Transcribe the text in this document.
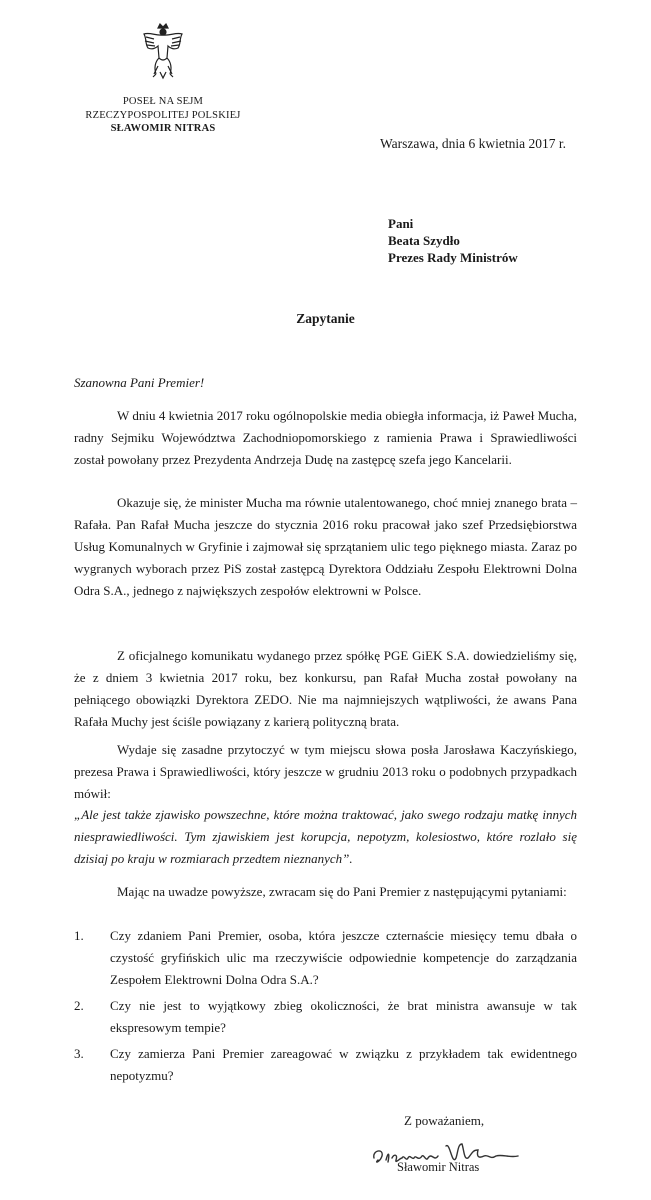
POSEŁ NA SEJM
RZECZYPOSPOLITEJ POLSKIEJ
SŁAWOMIR NITRAS
Warszawa, dnia 6 kwietnia 2017 r.
Pani
Beata Szydło
Prezes Rady Ministrów
Zapytanie
Szanowna Pani Premier!

W dniu 4 kwietnia 2017 roku ogólnopolskie media obiegła informacja, iż Paweł Mucha, radny Sejmiku Województwa Zachodniopomorskiego z ramienia Prawa i Sprawiedliwości został powołany przez Prezydenta Andrzeja Dudę na zastępcę szefa jego Kancelarii.

Okazuje się, że minister Mucha ma równie utalentowanego, choć mniej znanego brata – Rafała. Pan Rafał Mucha jeszcze do stycznia 2016 roku pracował jako szef Przedsiębiorstwa Usług Komunalnych w Gryfinie i zajmował się sprzątaniem ulic tego pięknego miasta. Zaraz po wygranych wyborach przez PiS został zastępcą Dyrektora Oddziału Zespołu Elektrowni Dolna Odra S.A., jednego z największych zespołów elektrowni w Polsce.

Z oficjalnego komunikatu wydanego przez spółkę PGE GiEK S.A. dowiedzieliśmy się, że z dniem 3 kwietnia 2017 roku, bez konkursu, pan Rafał Mucha został powołany na pełniącego obowiązki Dyrektora ZEDO. Nie ma najmniejszych wątpliwości, że awans Pana Rafała Muchy jest ściśle powiązany z karierą polityczną brata.

Wydaje się zasadne przytoczyć w tym miejscu słowa posła Jarosława Kaczyńskiego, prezesa Prawa i Sprawiedliwości, który jeszcze w grudniu 2013 roku o podobnych przypadkach mówił:

„Ale jest także zjawisko powszechne, które można traktować, jako swego rodzaju matkę innych niesprawiedliwości. Tym zjawiskiem jest korupcja, nepotyzm, kolesiostwo, które rozlało się dzisiaj po kraju w rozmiarach przedtem nieznanych”.

Mając na uwadze powyższe, zwracam się do Pani Premier z następującymi pytaniami:

1. Czy zdaniem Pani Premier, osoba, która jeszcze czternaście miesięcy temu dbała o czystość gryfińskich ulic ma rzeczywiście odpowiednie kompetencje do zarządzania Zespołem Elektrowni Dolna Odra S.A.?
2. Czy nie jest to wyjątkowy zbieg okoliczności, że brat ministra awansuje w tak ekspresowym tempie?
3. Czy zamierza Pani Premier zareagować w związku z przykładem tak ewidentnego nepotyzmu?
Z poważaniem,
Sławomir Nitras
